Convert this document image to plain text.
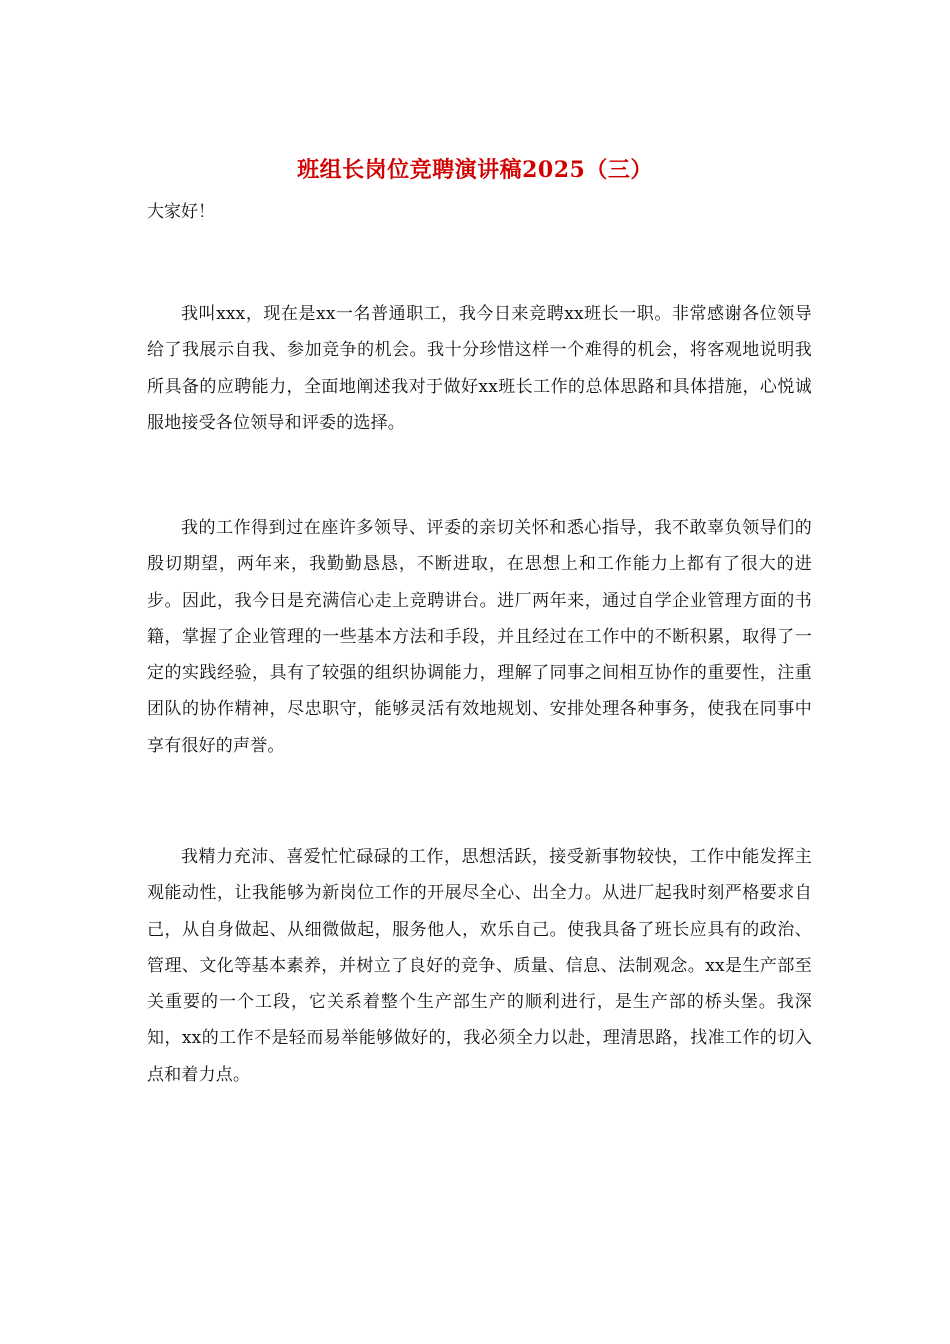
班组长岗位竞聘演讲稿2025（三）

大家好！

我叫xxx，现在是xx一名普通职工，我今日来竞聘xx班长一职。非常感谢各位领导给了我展示自我、参加竞争的机会。我十分珍惜这样一个难得的机会，将客观地说明我所具备的应聘能力，全面地阐述我对于做好xx班长工作的总体思路和具体措施，心悦诚服地接受各位领导和评委的选择。

我的工作得到过在座许多领导、评委的亲切关怀和悉心指导，我不敢辜负领导们的殷切期望，两年来，我勤勤恳恳，不断进取，在思想上和工作能力上都有了很大的进步。因此，我今日是充满信心走上竞聘讲台。进厂两年来，通过自学企业管理方面的书籍，掌握了企业管理的一些基本方法和手段，并且经过在工作中的不断积累，取得了一定的实践经验，具有了较强的组织协调能力，理解了同事之间相互协作的重要性，注重团队的协作精神，尽忠职守，能够灵活有效地规划、安排处理各种事务，使我在同事中享有很好的声誉。

我精力充沛、喜爱忙忙碌碌的工作，思想活跃，接受新事物较快，工作中能发挥主观能动性，让我能够为新岗位工作的开展尽全心、出全力。从进厂起我时刻严格要求自己，从自身做起、从细微做起，服务他人，欢乐自己。使我具备了班长应具有的政治、管理、文化等基本素养，并树立了良好的竞争、质量、信息、法制观念。xx是生产部至关重要的一个工段，它关系着整个生产部生产的顺利进行，是生产部的桥头堡。我深知，xx的工作不是轻而易举能够做好的，我必须全力以赴，理清思路，找准工作的切入点和着力点。
